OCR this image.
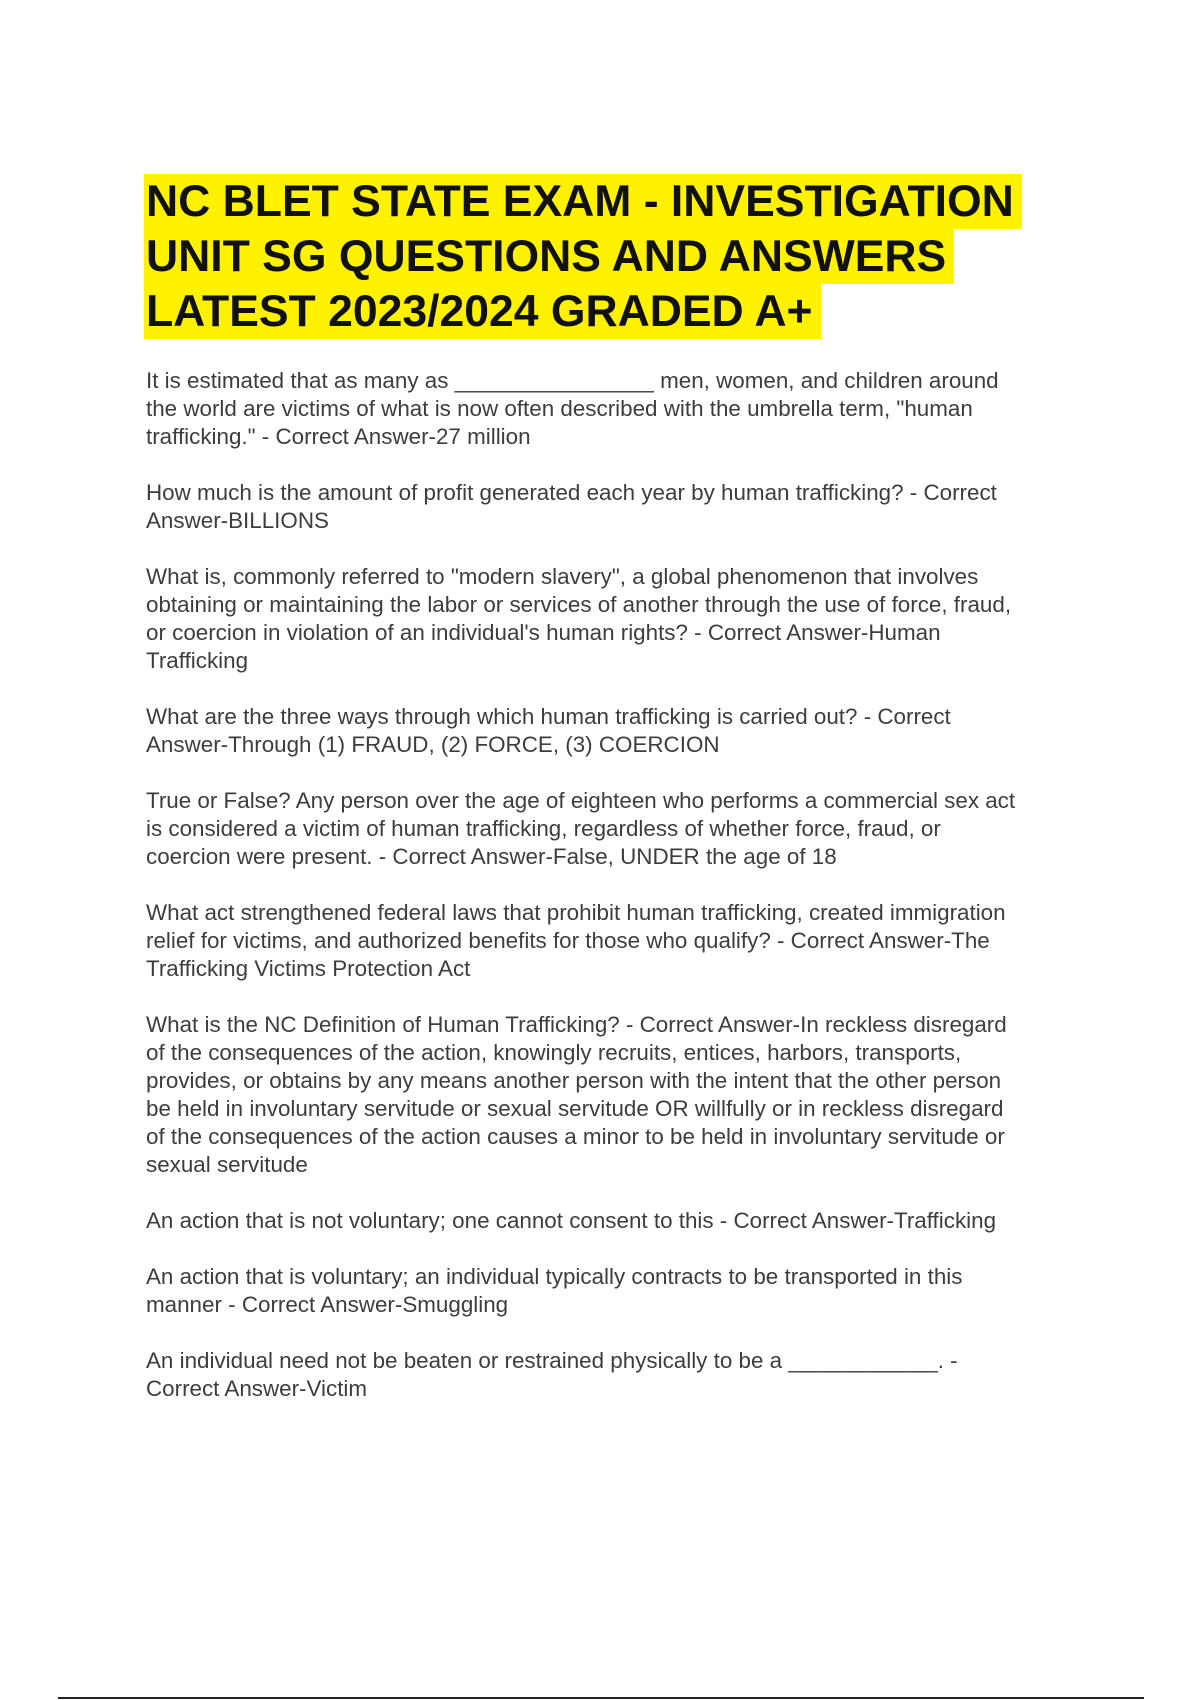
NC BLET STATE EXAM - INVESTIGATION
UNIT SG QUESTIONS AND ANSWERS
LATEST 2023/2024 GRADED A+
It is estimated that as many as ________________ men, women, and children around
the world are victims of what is now often described with the umbrella term, "human
trafficking." - Correct Answer-27 million
How much is the amount of profit generated each year by human trafficking? - Correct
Answer-BILLIONS
What is, commonly referred to "modern slavery", a global phenomenon that involves
obtaining or maintaining the labor or services of another through the use of force, fraud,
or coercion in violation of an individual's human rights? - Correct Answer-Human
Trafficking
What are the three ways through which human trafficking is carried out? - Correct
Answer-Through (1) FRAUD, (2) FORCE, (3) COERCION
True or False? Any person over the age of eighteen who performs a commercial sex act
is considered a victim of human trafficking, regardless of whether force, fraud, or
coercion were present. - Correct Answer-False, UNDER the age of 18
What act strengthened federal laws that prohibit human trafficking, created immigration
relief for victims, and authorized benefits for those who qualify? - Correct Answer-The
Trafficking Victims Protection Act
What is the NC Definition of Human Trafficking? - Correct Answer-In reckless disregard
of the consequences of the action, knowingly recruits, entices, harbors, transports,
provides, or obtains by any means another person with the intent that the other person
be held in involuntary servitude or sexual servitude OR willfully or in reckless disregard
of the consequences of the action causes a minor to be held in involuntary servitude or
sexual servitude
An action that is not voluntary; one cannot consent to this - Correct Answer-Trafficking
An action that is voluntary; an individual typically contracts to be transported in this
manner - Correct Answer-Smuggling
An individual need not be beaten or restrained physically to be a ____________. -
Correct Answer-Victim
